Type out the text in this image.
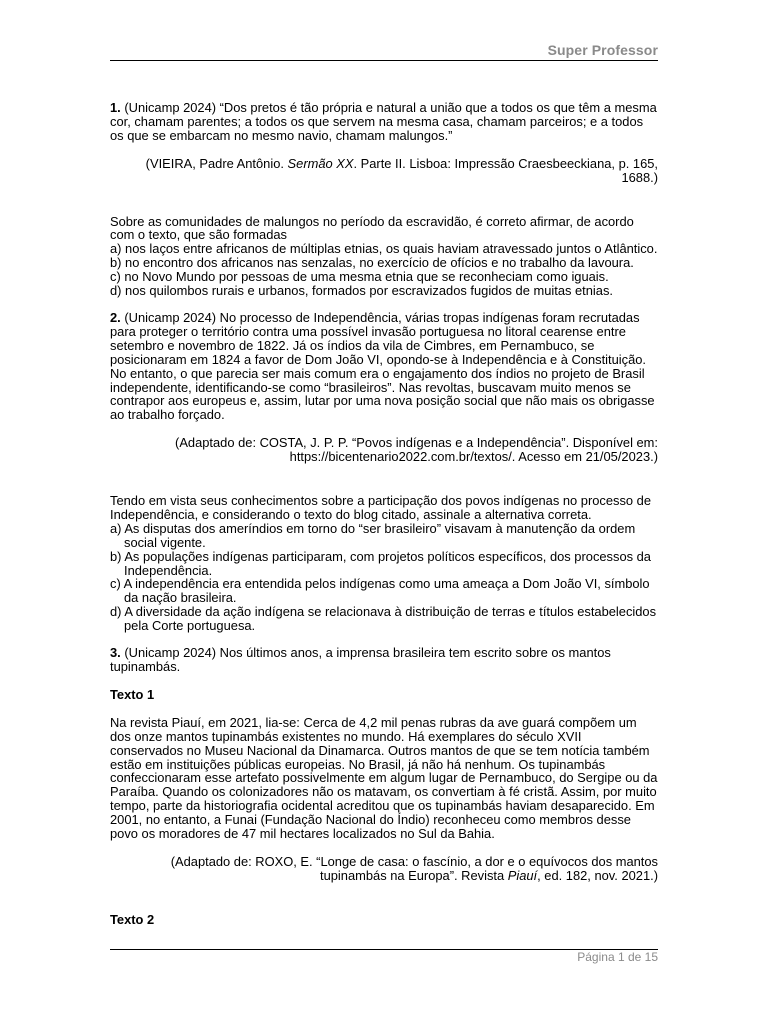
Super Professor

1. (Unicamp 2024) “Dos pretos é tão própria e natural a união que a todos os que têm a mesma cor, chamam parentes; a todos os que servem na mesma casa, chamam parceiros; e a todos os que se embarcam no mesmo navio, chamam malungos.”

(VIEIRA, Padre Antônio. Sermão XX. Parte II. Lisboa: Impressão Craesbeeckiana, p. 165, 1688.)

Sobre as comunidades de malungos no período da escravidão, é correto afirmar, de acordo com o texto, que são formadas

a) nos laços entre africanos de múltiplas etnias, os quais haviam atravessado juntos o Atlântico.

b) no encontro dos africanos nas senzalas, no exercício de ofícios e no trabalho da lavoura.

c) no Novo Mundo por pessoas de uma mesma etnia que se reconheciam como iguais.

d) nos quilombos rurais e urbanos, formados por escravizados fugidos de muitas etnias.

2. (Unicamp 2024) No processo de Independência, várias tropas indígenas foram recrutadas para proteger o território contra uma possível invasão portuguesa no litoral cearense entre setembro e novembro de 1822. Já os índios da vila de Cimbres, em Pernambuco, se posicionaram em 1824 a favor de Dom João VI, opondo-se à Independência e à Constituição. No entanto, o que parecia ser mais comum era o engajamento dos índios no projeto de Brasil independente, identificando-se como “brasileiros”. Nas revoltas, buscavam muito menos se contrapor aos europeus e, assim, lutar por uma nova posição social que não mais os obrigasse ao trabalho forçado.

(Adaptado de: COSTA, J. P. P. “Povos indígenas e a Independência”. Disponível em: https://bicentenario2022.com.br/textos/. Acesso em 21/05/2023.)

Tendo em vista seus conhecimentos sobre a participação dos povos indígenas no processo de Independência, e considerando o texto do blog citado, assinale a alternativa correta.

a) As disputas dos ameríndios em torno do “ser brasileiro” visavam à manutenção da ordem social vigente.

b) As populações indígenas participaram, com projetos políticos específicos, dos processos da Independência.

c) A independência era entendida pelos indígenas como uma ameaça a Dom João VI, símbolo da nação brasileira.

d) A diversidade da ação indígena se relacionava à distribuição de terras e títulos estabelecidos pela Corte portuguesa.

3. (Unicamp 2024) Nos últimos anos, a imprensa brasileira tem escrito sobre os mantos tupinambás.

Texto 1

Na revista Piauí, em 2021, lia-se: Cerca de 4,2 mil penas rubras da ave guará compõem um dos onze mantos tupinambás existentes no mundo. Há exemplares do século XVII conservados no Museu Nacional da Dinamarca. Outros mantos de que se tem notícia também estão em instituições públicas europeias. No Brasil, já não há nenhum. Os tupinambás confeccionaram esse artefato possivelmente em algum lugar de Pernambuco, do Sergipe ou da Paraíba. Quando os colonizadores não os matavam, os convertiam à fé cristã. Assim, por muito tempo, parte da historiografia ocidental acreditou que os tupinambás haviam desaparecido. Em 2001, no entanto, a Funai (Fundação Nacional do Índio) reconheceu como membros desse povo os moradores de 47 mil hectares localizados no Sul da Bahia.

(Adaptado de: ROXO, E. “Longe de casa: o fascínio, a dor e o equívocos dos mantos tupinambás na Europa”. Revista Piauí, ed. 182, nov. 2021.)

Texto 2

Página 1 de 15
